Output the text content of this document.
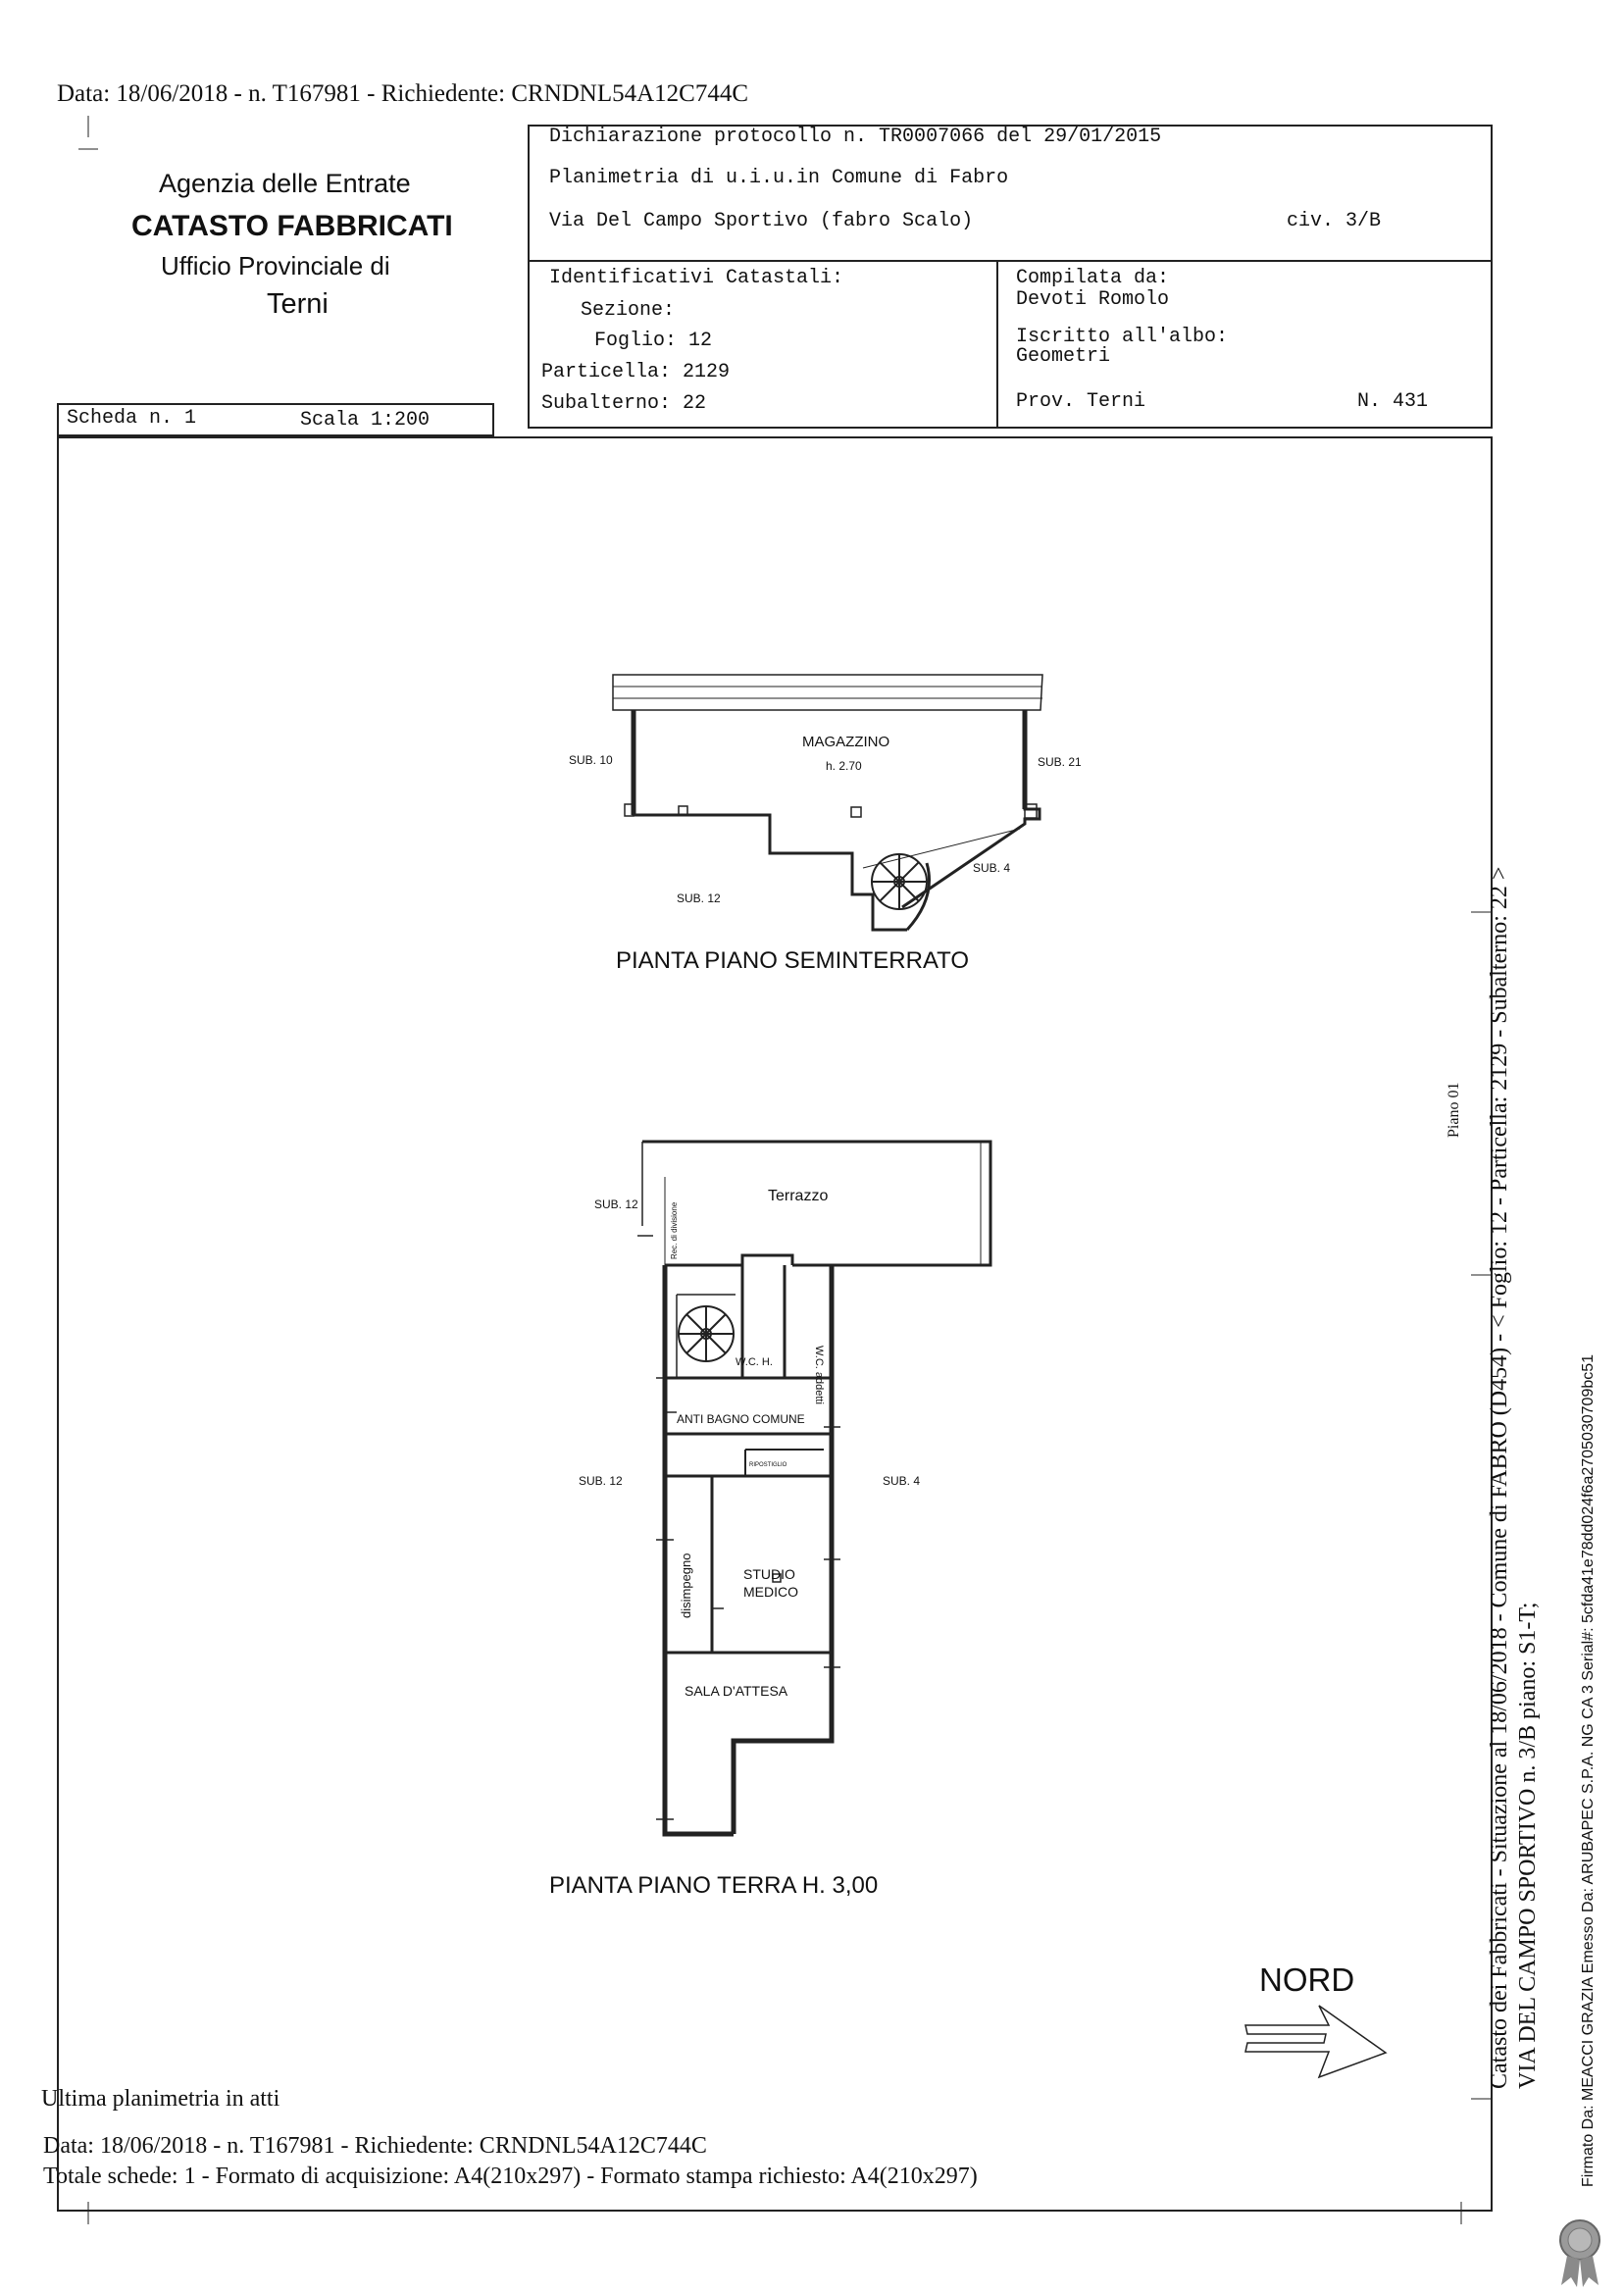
Data: 18/06/2018 - n. T167981 - Richiedente: CRNDNL54A12C744C
Agenzia delle Entrate
CATASTO FABBRICATI
Ufficio Provinciale di
Terni
Dichiarazione protocollo n. TR0007066 del 29/01/2015
Planimetria di u.i.u.in Comune di Fabro
Via Del Campo Sportivo (fabro Scalo)	civ. 3/B
Identificativi Catastali:
Sezione:
Foglio: 12
Particella: 2129
Subalterno: 22
Compilata da:
Devoti Romolo
Iscritto all'albo:
Geometri
Prov. Terni	N. 431
Scheda n. 1	Scala 1:200
MAGAZZINO
h. 2.70
SUB. 10	SUB. 21
SUB. 12
SUB. 4
PIANTA PIANO SEMINTERRATO
Terrazzo
SUB. 12	Rec. di divisione
W.C. H.	W.C. addetti
ANTI BAGNO COMUNE
RIPOSTIGLIO
SUB. 12	SUB. 4
disimpegno	STUDIO
MEDICO
SALA D'ATTESA
PIANTA PIANO TERRA H. 3,00
NORD	Catasto dei Fabbricati - Situazione al 18/06/2018 - Comune di FABRO (D454) - < Foglio: 12 - Particella: 2129 - Subalterno: 22 > VIA DEL CAMPO SPORTIVO n. 3/B piano: S1-T;	Firmato Da: MEACCI GRAZIA Emesso Da: ARUBAPEC S.P.A. NG CA 3 Serial#: 5cfda41e78dd024f6a2705030709bc51
Piano 01
Ultima planimetria in atti
Data: 18/06/2018 - n. T167981 - Richiedente: CRNDNL54A12C744C
Totale schede: 1 - Formato di acquisizione: A4(210x297) - Formato stampa richiesto: A4(210x297)
